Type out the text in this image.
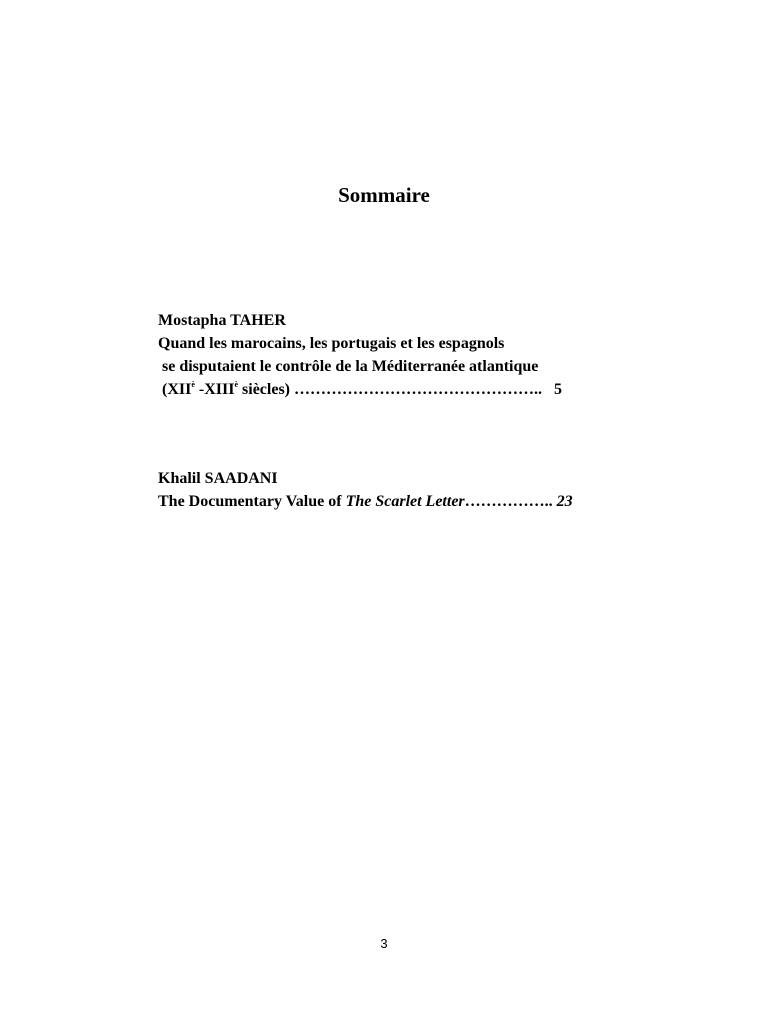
Sommaire
Mostapha TAHER
Quand les marocains, les portugais et les espagnols
se disputaient le contrôle de la Méditerranée atlantique
($XII^è$ $-XIII^è$ siècles) ……………………………………….. 5
Khalil SAADANI
The Documentary Value of The Scarlet Letter…………….. 23
3
